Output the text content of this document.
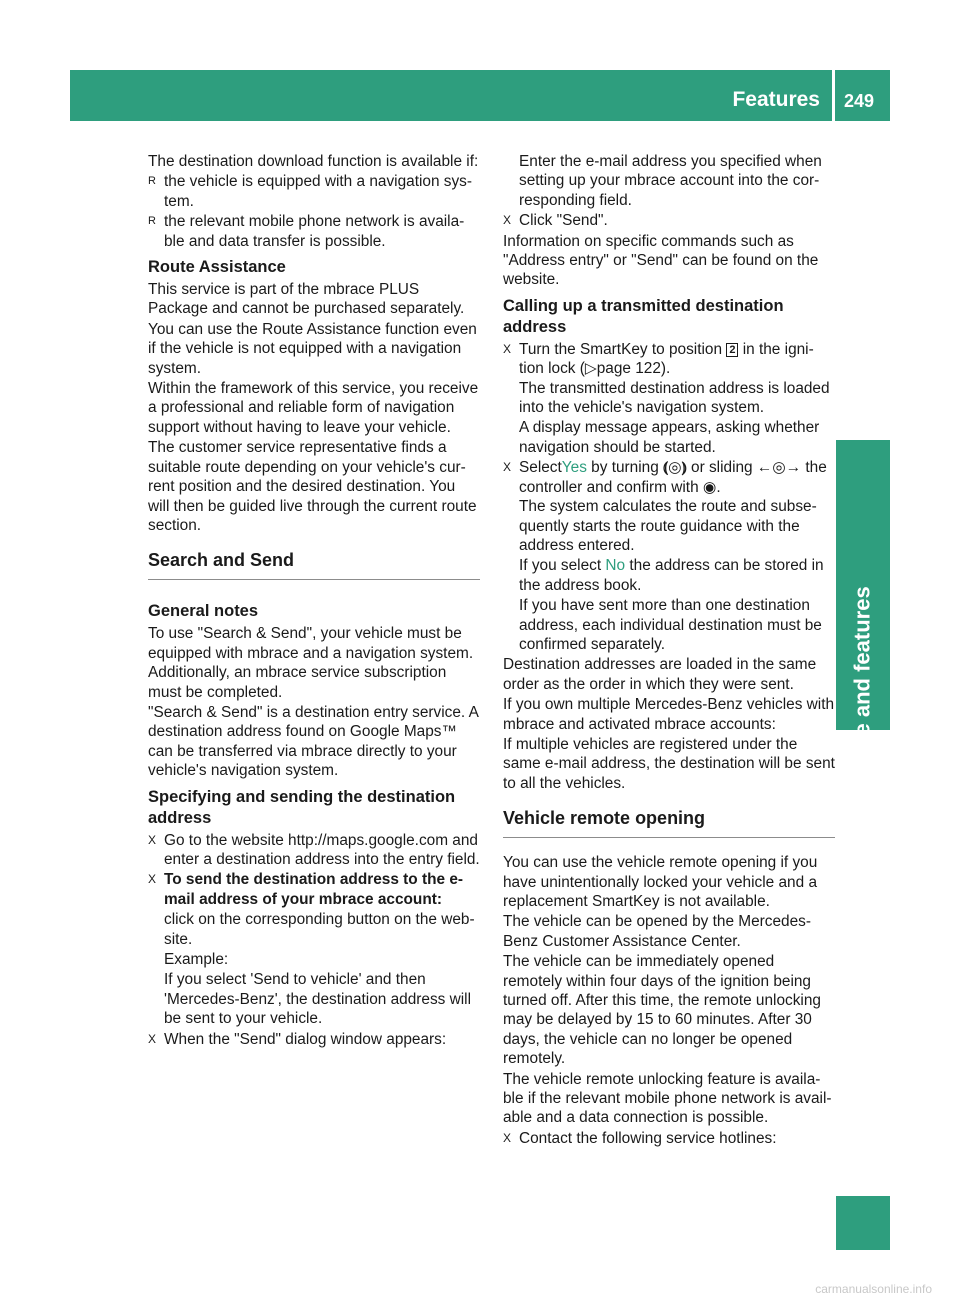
Features 249
Stowage and features

The destination download function is available if:

R the vehicle is equipped with a navigation sys-tem.
R the relevant mobile phone network is availa-ble and data transfer is possible.
Route Assistance

This service is part of the mbrace PLUS Package and cannot be purchased separately.

You can use the Route Assistance function even if the vehicle is not equipped with a navigation system.

Within the framework of this service, you receive a professional and reliable form of navigation support without having to leave your vehicle.

The customer service representative finds a suitable route depending on your vehicle's cur-rent position and the desired destination. You will then be guided live through the current route section.

Search and Send
General notes

To use "Search & Send", your vehicle must be equipped with mbrace and a navigation system. Additionally, an mbrace service subscription must be completed.

"Search & Send" is a destination entry service. A destination address found on Google Maps™ can be transferred via mbrace directly to your vehicle's navigation system.

Specifying and sending the destination address
X Go to the website http://maps.google.com and enter a destination address into the entry field.
X To send the destination address to the e-mail address of your mbrace account:

click on the corresponding button on the web-site.

Example:

If you select 'Send to vehicle' and then 'Mercedes-Benz', the destination address will be sent to your vehicle.

X When the "Send" dialog window appears:

Enter the e-mail address you specified when setting up your mbrace account into the cor-responding field.

X Click "Send".

Information on specific commands such as "Address entry" or "Send" can be found on the website.

Calling up a transmitted destination address
X Turn the SmartKey to position 2 in the igni-tion lock (▷page 122).
The transmitted destination address is loaded into the vehicle's navigation system.

A display message appears, asking whether navigation should be started.

X SelectYes by turning ⦅◎⦆ or sliding ←◎→ the controller and confirm with ◉.
The system calculates the route and subse-quently starts the route guidance with the address entered.

If you select No the address can be stored in the address book.

If you have sent more than one destination address, each individual destination must be confirmed separately.

Destination addresses are loaded in the same order as the order in which they were sent.

If you own multiple Mercedes-Benz vehicles with mbrace and activated mbrace accounts:

If multiple vehicles are registered under the same e-mail address, the destination will be sent to all the vehicles.

Vehicle remote opening

You can use the vehicle remote opening if you have unintentionally locked your vehicle and a replacement SmartKey is not available.

The vehicle can be opened by the Mercedes-Benz Customer Assistance Center.

The vehicle can be immediately opened remotely within four days of the ignition being turned off. After this time, the remote unlocking may be delayed by 15 to 60 minutes. After 30 days, the vehicle can no longer be opened remotely.

The vehicle remote unlocking feature is availa-ble if the relevant mobile phone network is avail-able and a data connection is possible.

X Contact the following service hotlines:
carmanualsonline.info
